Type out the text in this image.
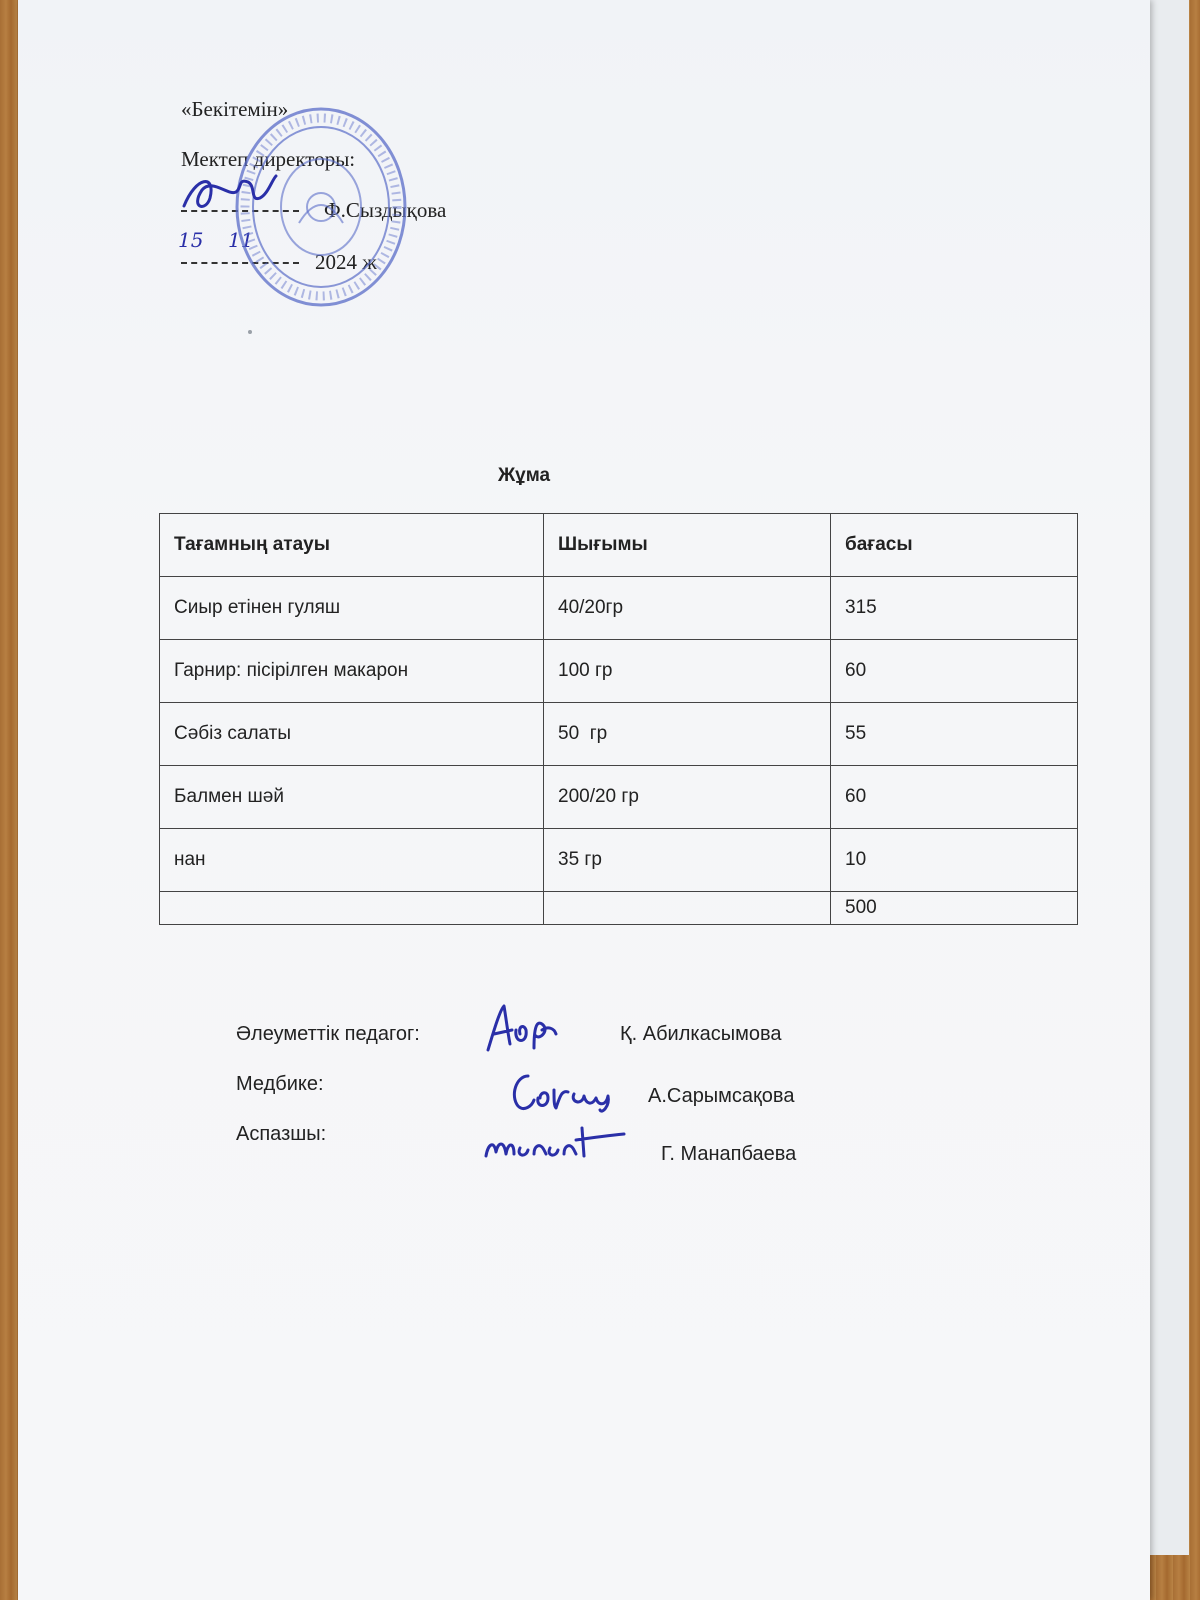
«Бекітемін»
Мектеп директоры:
Ф.Сыздықова
15 11
2024 ж
Жұма
Тағамның атауы	Шығымы	бағасы
Сиыр етінен гуляш	40/20гр	315
Гарнир: пісірілген макарон	100 гр	60
Сәбіз салаты	50  гр	55
Балмен шәй	200/20 гр	60
нан	35 гр	10
		500
Әлеуметтік педагог:	Қ. Абилкасымова
Медбике:
А.Сарымсақова
Аспазшы:
Г. Манапбаева
